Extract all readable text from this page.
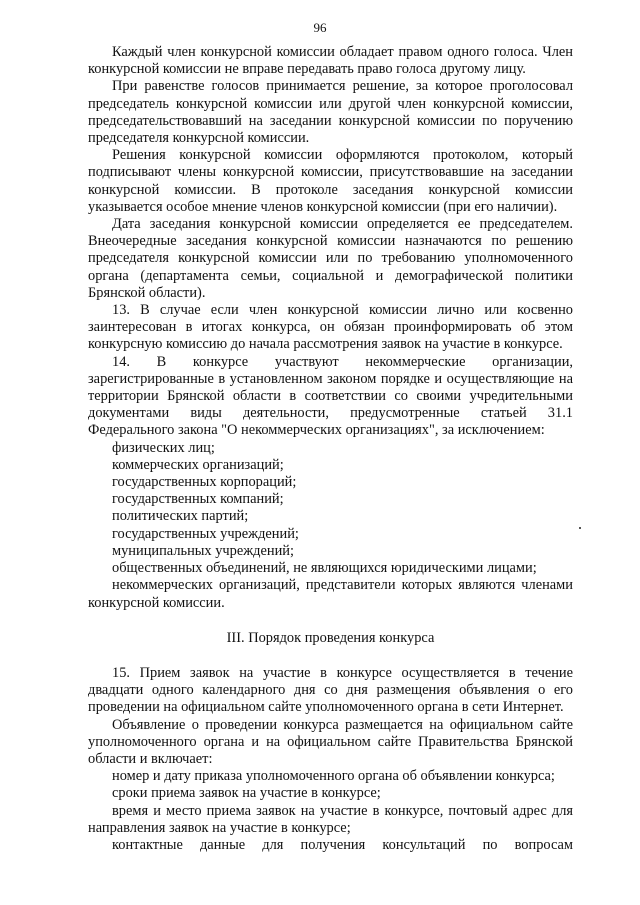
96

Каждый член конкурсной комиссии обладает правом одного голоса. Член конкурсной комиссии не вправе передавать право голоса другому лицу.

При равенстве голосов принимается решение, за которое проголосовал председатель конкурсной комиссии или другой член конкурсной комиссии, председательствовавший на заседании конкурсной комиссии по поручению председателя конкурсной комиссии.

Решения конкурсной комиссии оформляются протоколом, который подписывают члены конкурсной комиссии, присутствовавшие на заседании конкурсной комиссии. В протоколе заседания конкурсной комиссии указывается особое мнение членов конкурсной комиссии (при его наличии).

Дата заседания конкурсной комиссии определяется ее председателем. Внеочередные заседания конкурсной комиссии назначаются по решению председателя конкурсной комиссии или по требованию уполномоченного органа (департамента семьи, социальной и демографической политики Брянской области).

13. В случае если член конкурсной комиссии лично или косвенно заинтересован в итогах конкурса, он обязан проинформировать об этом конкурсную комиссию до начала рассмотрения заявок на участие в конкурсе.

14. В конкурсе участвуют некоммерческие организации, зарегистрированные в установленном законом порядке и осуществляющие на территории Брянской области в соответствии со своими учредительными документами виды деятельности, предусмотренные статьей 31.1 Федерального закона "О некоммерческих организациях", за исключением:

физических лиц;
коммерческих организаций;
государственных корпораций;
государственных компаний;
политических партий;
государственных учреждений;
муниципальных учреждений;
общественных объединений, не являющихся юридическими лицами;

некоммерческих организаций, представители которых являются членами конкурсной комиссии.

III. Порядок проведения конкурса

15. Прием заявок на участие в конкурсе осуществляется в течение двадцати одного календарного дня со дня размещения объявления о его проведении на официальном сайте уполномоченного органа в сети Интернет.

Объявление о проведении конкурса размещается на официальном сайте уполномоченного органа и на официальном сайте Правительства Брянской области и включает:

номер и дату приказа уполномоченного органа об объявлении конкурса;
сроки приема заявок на участие в конкурсе;

время и место приема заявок на участие в конкурсе, почтовый адрес для направления заявок на участие в конкурсе;

контактные данные для получения консультаций по вопросам
